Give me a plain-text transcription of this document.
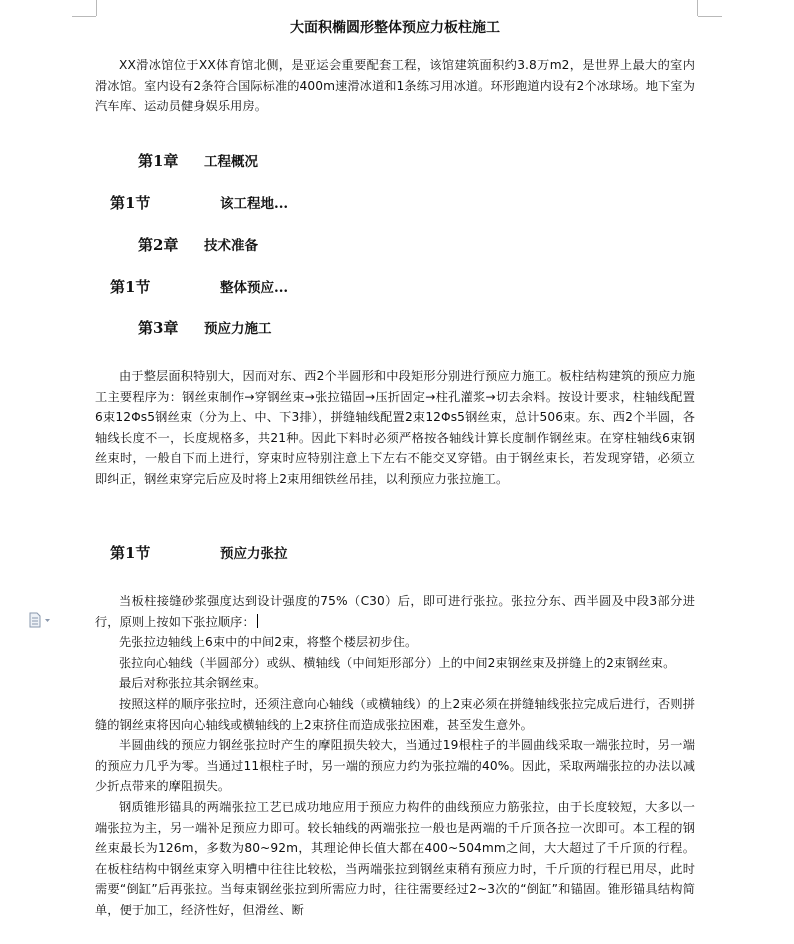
大面积椭圆形整体预应力板柱施工

XX滑冰馆位于XX体育馆北侧，是亚运会重要配套工程，该馆建筑面积约3.8万m2，是世界上最大的室内滑冰馆。室内设有2条符合国际标准的400m速滑冰道和1条练习用冰道。环形跑道内设有2个冰球场。地下室为汽车库、运动员健身娱乐用房。

第1章 工程概况
第1节	该工程地...
第2章 技术准备
第1节	整体预应...
第3章 预应力施工

由于整层面积特别大，因而对东、西2个半圆形和中段矩形分别进行预应力施工。板柱结构建筑的预应力施工主要程序为：钢丝束制作→穿钢丝束→张拉锚固→压折固定→柱孔灌浆→切去余料。按设计要求，柱轴线配置6束12Φs5钢丝束（分为上、中、下3排），拼缝轴线配置2束12Φs5钢丝束，总计506束。东、西2个半圆，各轴线长度不一，长度规格多，共21种。因此下料时必须严格按各轴线计算长度制作钢丝束。在穿柱轴线6束钢丝束时，一般自下而上进行，穿束时应特别注意上下左右不能交叉穿错。由于钢丝束长，若发现穿错，必须立即纠正，钢丝束穿完后应及时将上2束用细铁丝吊挂，以利预应力张拉施工。

第1节	预应力张拉

当板柱接缝砂浆强度达到设计强度的75%（C30）后，即可进行张拉。张拉分东、西半圆及中段3部分进行，原则上按如下张拉顺序：

先张拉边轴线上6束中的中间2束，将整个楼层初步住。

张拉向心轴线（半圆部分）或纵、横轴线（中间矩形部分）上的中间2束钢丝束及拼缝上的2束钢丝束。

最后对称张拉其余钢丝束。

按照这样的顺序张拉时，还须注意向心轴线（或横轴线）的上2束必须在拼缝轴线张拉完成后进行，否则拼缝的钢丝束将因向心轴线或横轴线的上2束挤住而造成张拉困难，甚至发生意外。

半圆曲线的预应力钢丝张拉时产生的摩阻损失较大，当通过19根柱子的半圆曲线采取一端张拉时，另一端的预应力几乎为零。当通过11根柱子时，另一端的预应力约为张拉端的40%。因此，采取两端张拉的办法以减少折点带来的摩阻损失。

钢质锥形锚具的两端张拉工艺已成功地应用于预应力构件的曲线预应力筋张拉，由于长度较短，大多以一端张拉为主，另一端补足预应力即可。较长轴线的两端张拉一般也是两端的千斤顶各拉一次即可。本工程的钢丝束最长为126m，多数为80~92m，其理论伸长值大都在400~504mm之间，大大超过了千斤顶的行程。在板柱结构中钢丝束穿入明槽中往往比较松，当两端张拉到钢丝束稍有预应力时，千斤顶的行程已用尽，此时需要“倒缸”后再张拉。当每束钢丝张拉到所需应力时，往往需要经过2~3次的“倒缸”和锚固。锥形锚具结构简单，便于加工，经济性好，但滑丝、断
